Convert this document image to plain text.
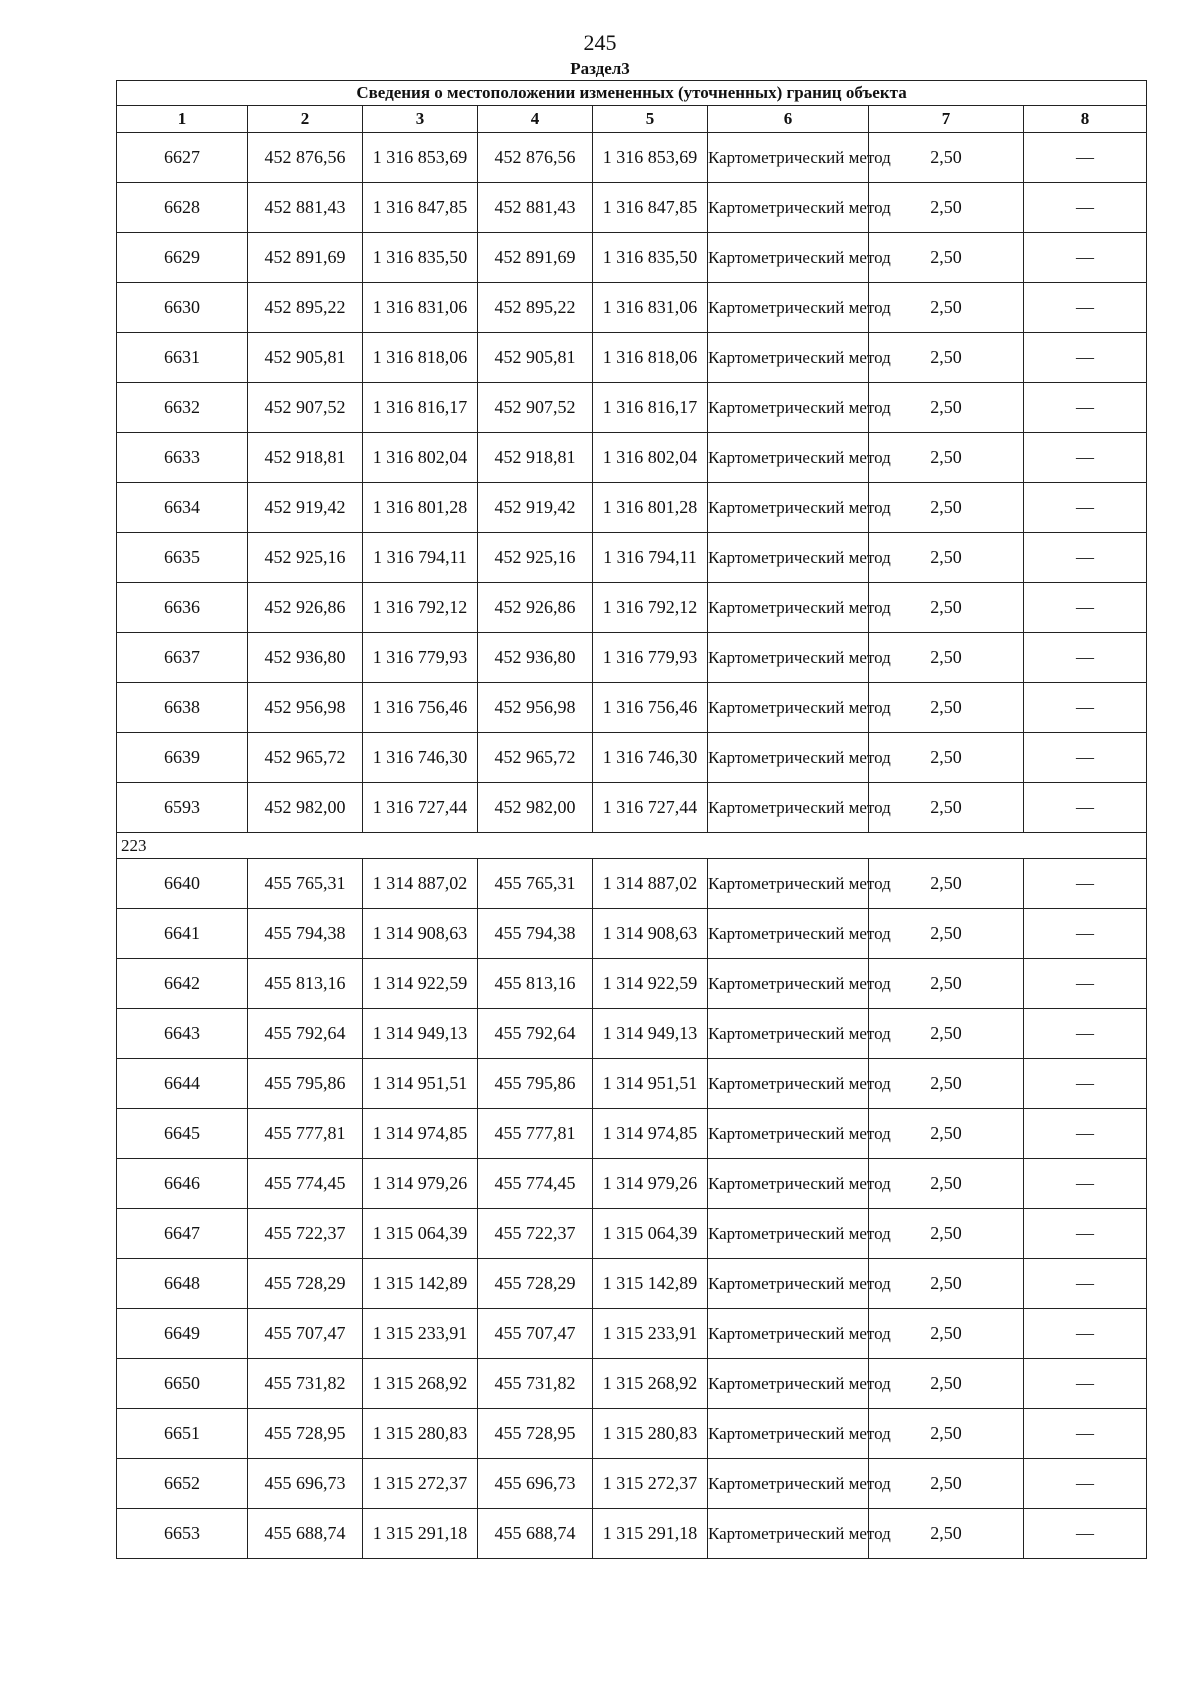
245
Раздел3
Сведения о местоположении измененных (уточненных) границ объекта							
1	2	3	4	5	6	7	8
6627	452 876,56	1 316 853,69	452 876,56	1 316 853,69	Картометрический метод	2,50	—
6628	452 881,43	1 316 847,85	452 881,43	1 316 847,85	Картометрический метод	2,50	—
6629	452 891,69	1 316 835,50	452 891,69	1 316 835,50	Картометрический метод	2,50	—
6630	452 895,22	1 316 831,06	452 895,22	1 316 831,06	Картометрический метод	2,50	—
6631	452 905,81	1 316 818,06	452 905,81	1 316 818,06	Картометрический метод	2,50	—
6632	452 907,52	1 316 816,17	452 907,52	1 316 816,17	Картометрический метод	2,50	—
6633	452 918,81	1 316 802,04	452 918,81	1 316 802,04	Картометрический метод	2,50	—
6634	452 919,42	1 316 801,28	452 919,42	1 316 801,28	Картометрический метод	2,50	—
6635	452 925,16	1 316 794,11	452 925,16	1 316 794,11	Картометрический метод	2,50	—
6636	452 926,86	1 316 792,12	452 926,86	1 316 792,12	Картометрический метод	2,50	—
6637	452 936,80	1 316 779,93	452 936,80	1 316 779,93	Картометрический метод	2,50	—
6638	452 956,98	1 316 756,46	452 956,98	1 316 756,46	Картометрический метод	2,50	—
6639	452 965,72	1 316 746,30	452 965,72	1 316 746,30	Картометрический метод	2,50	—
6593	452 982,00	1 316 727,44	452 982,00	1 316 727,44	Картометрический метод	2,50	—
223							
6640	455 765,31	1 314 887,02	455 765,31	1 314 887,02	Картометрический метод	2,50	—
6641	455 794,38	1 314 908,63	455 794,38	1 314 908,63	Картометрический метод	2,50	—
6642	455 813,16	1 314 922,59	455 813,16	1 314 922,59	Картометрический метод	2,50	—
6643	455 792,64	1 314 949,13	455 792,64	1 314 949,13	Картометрический метод	2,50	—
6644	455 795,86	1 314 951,51	455 795,86	1 314 951,51	Картометрический метод	2,50	—
6645	455 777,81	1 314 974,85	455 777,81	1 314 974,85	Картометрический метод	2,50	—
6646	455 774,45	1 314 979,26	455 774,45	1 314 979,26	Картометрический метод	2,50	—
6647	455 722,37	1 315 064,39	455 722,37	1 315 064,39	Картометрический метод	2,50	—
6648	455 728,29	1 315 142,89	455 728,29	1 315 142,89	Картометрический метод	2,50	—
6649	455 707,47	1 315 233,91	455 707,47	1 315 233,91	Картометрический метод	2,50	—
6650	455 731,82	1 315 268,92	455 731,82	1 315 268,92	Картометрический метод	2,50	—
6651	455 728,95	1 315 280,83	455 728,95	1 315 280,83	Картометрический метод	2,50	—
6652	455 696,73	1 315 272,37	455 696,73	1 315 272,37	Картометрический метод	2,50	—
6653	455 688,74	1 315 291,18	455 688,74	1 315 291,18	Картометрический метод	2,50	—
